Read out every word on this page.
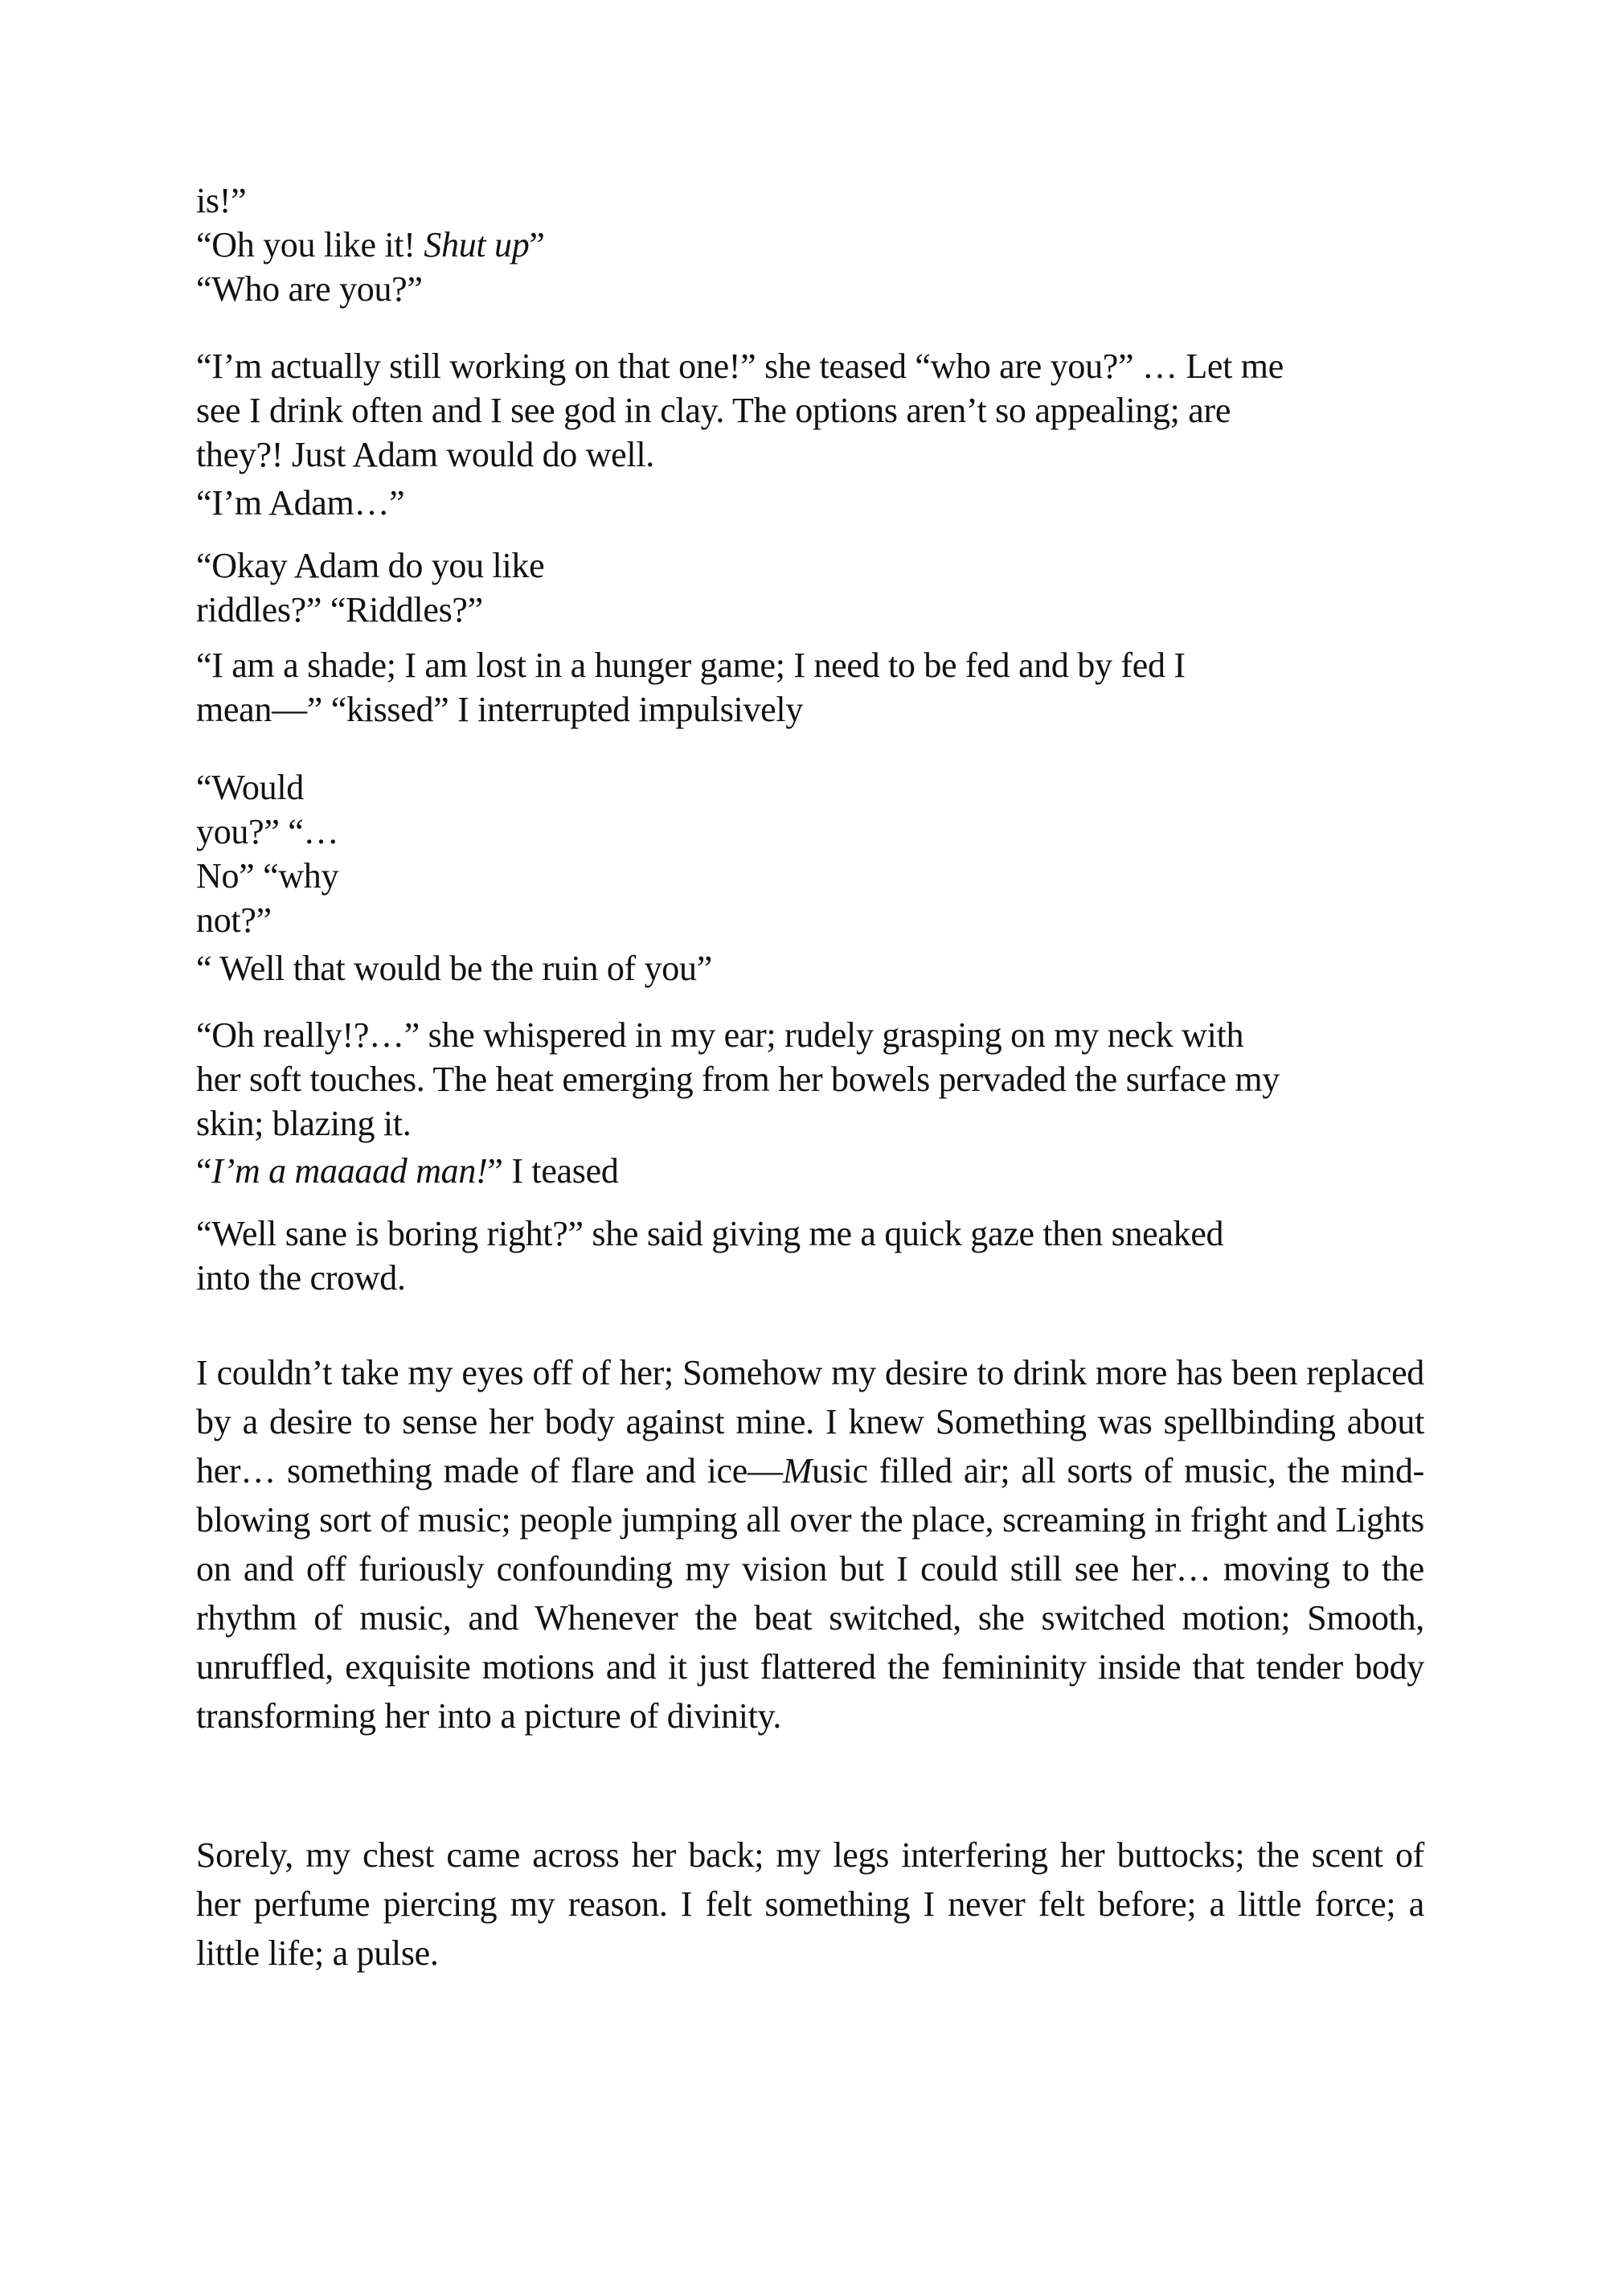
is!”
“Oh you like it! Shut up”
“Who are you?”
“I’m actually still working on that one!” she teased “who are you?” … Let me
see I drink often and I see god in clay. The options aren’t so appealing; are
they?! Just Adam would do well.
“I’m Adam…”
“Okay Adam do you like
riddles?” “Riddles?”
“I am a shade; I am lost in a hunger game; I need to be fed and by fed I
mean—” “kissed” I interrupted impulsively
“Would
you?” “…
No” “why
not?”
“ Well that would be the ruin of you”
“Oh really!?…” she whispered in my ear; rudely grasping on my neck with
her soft touches. The heat emerging from her bowels pervaded the surface my
skin; blazing it.
“I’m a maaaad man!” I teased
“Well sane is boring right?” she said giving me a quick gaze then sneaked
into the crowd.
I couldn’t take my eyes off of her; Somehow my desire to drink more has been replaced by a desire to sense her body against mine. I knew Something was spellbinding about her… something made of flare and ice—Music filled air; all sorts of music, the mind-blowing sort of music; people jumping all over the place, screaming in fright and Lights on and off furiously confounding my vision but I could still see her… moving to the rhythm of music, and Whenever the beat switched, she switched motion; Smooth, unruffled, exquisite motions and it just flattered the femininity inside that tender body transforming her into a picture of divinity.
Sorely, my chest came across her back; my legs interfering her buttocks; the scent of her perfume piercing my reason. I felt something I never felt before; a little force; a little life; a pulse.
